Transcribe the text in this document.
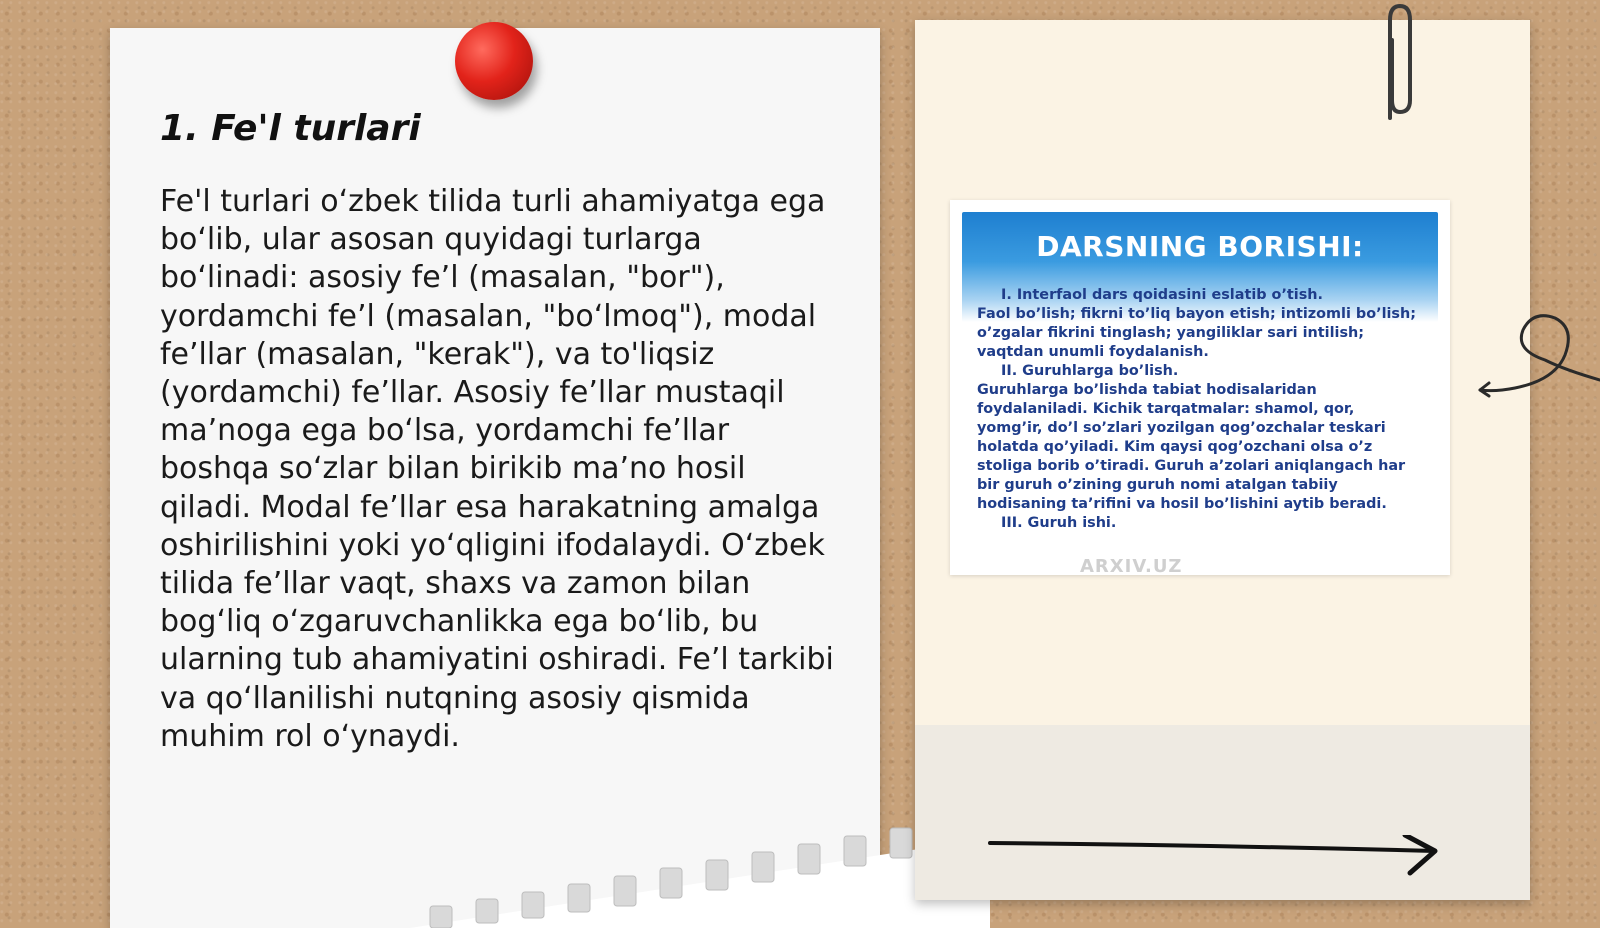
1. Fe'l turlari

Fe'l turlari oʻzbek tilida turli ahamiyatga ega boʻlib, ular asosan quyidagi turlarga boʻlinadi: asosiy fe’l (masalan, "bor"), yordamchi fe’l (masalan, "boʻlmoq"), modal fe’llar (masalan, "kerak"), va to'liqsiz (yordamchi) fe’llar. Asosiy fe’llar mustaqil ma’noga ega boʻlsa, yordamchi fe’llar boshqa soʻzlar bilan birikib ma’no hosil qiladi. Modal fe’llar esa harakatning amalga oshirilishini yoki yoʻqligini ifodalaydi. Oʻzbek tilida fe’llar vaqt, shaxs va zamon bilan bogʻliq oʻzgaruvchanlikka ega boʻlib, bu ularning tub ahamiyatini oshiradi. Fe’l tarkibi va qoʻllanilishi nutqning asosiy qismida muhim rol oʻynaydi.

DARSNING BORISHI:
I. Interfaol dars qoidasini eslatib o’tish.
Faol bo’lish; fikrni to’liq bayon etish; intizomli bo’lish; o’zgalar fikrini tinglash; yangiliklar sari intilish; vaqtdan unumli foydalanish.
II. Guruhlarga bo’lish.
Guruhlarga bo’lishda tabiat hodisalaridan foydalaniladi. Kichik tarqatmalar: shamol, qor, yomg’ir, do’l so’zlari yozilgan qog’ozchalar teskari holatda qo’yiladi. Kim qaysi qog’ozchani olsa o’z stoliga borib o’tiradi. Guruh a’zolari aniqlangach har bir guruh o’zining guruh nomi atalgan tabiiy hodisaning ta’rifini va hosil bo’lishini aytib beradi.
III. Guruh ishi.

ARXIV.UZ
